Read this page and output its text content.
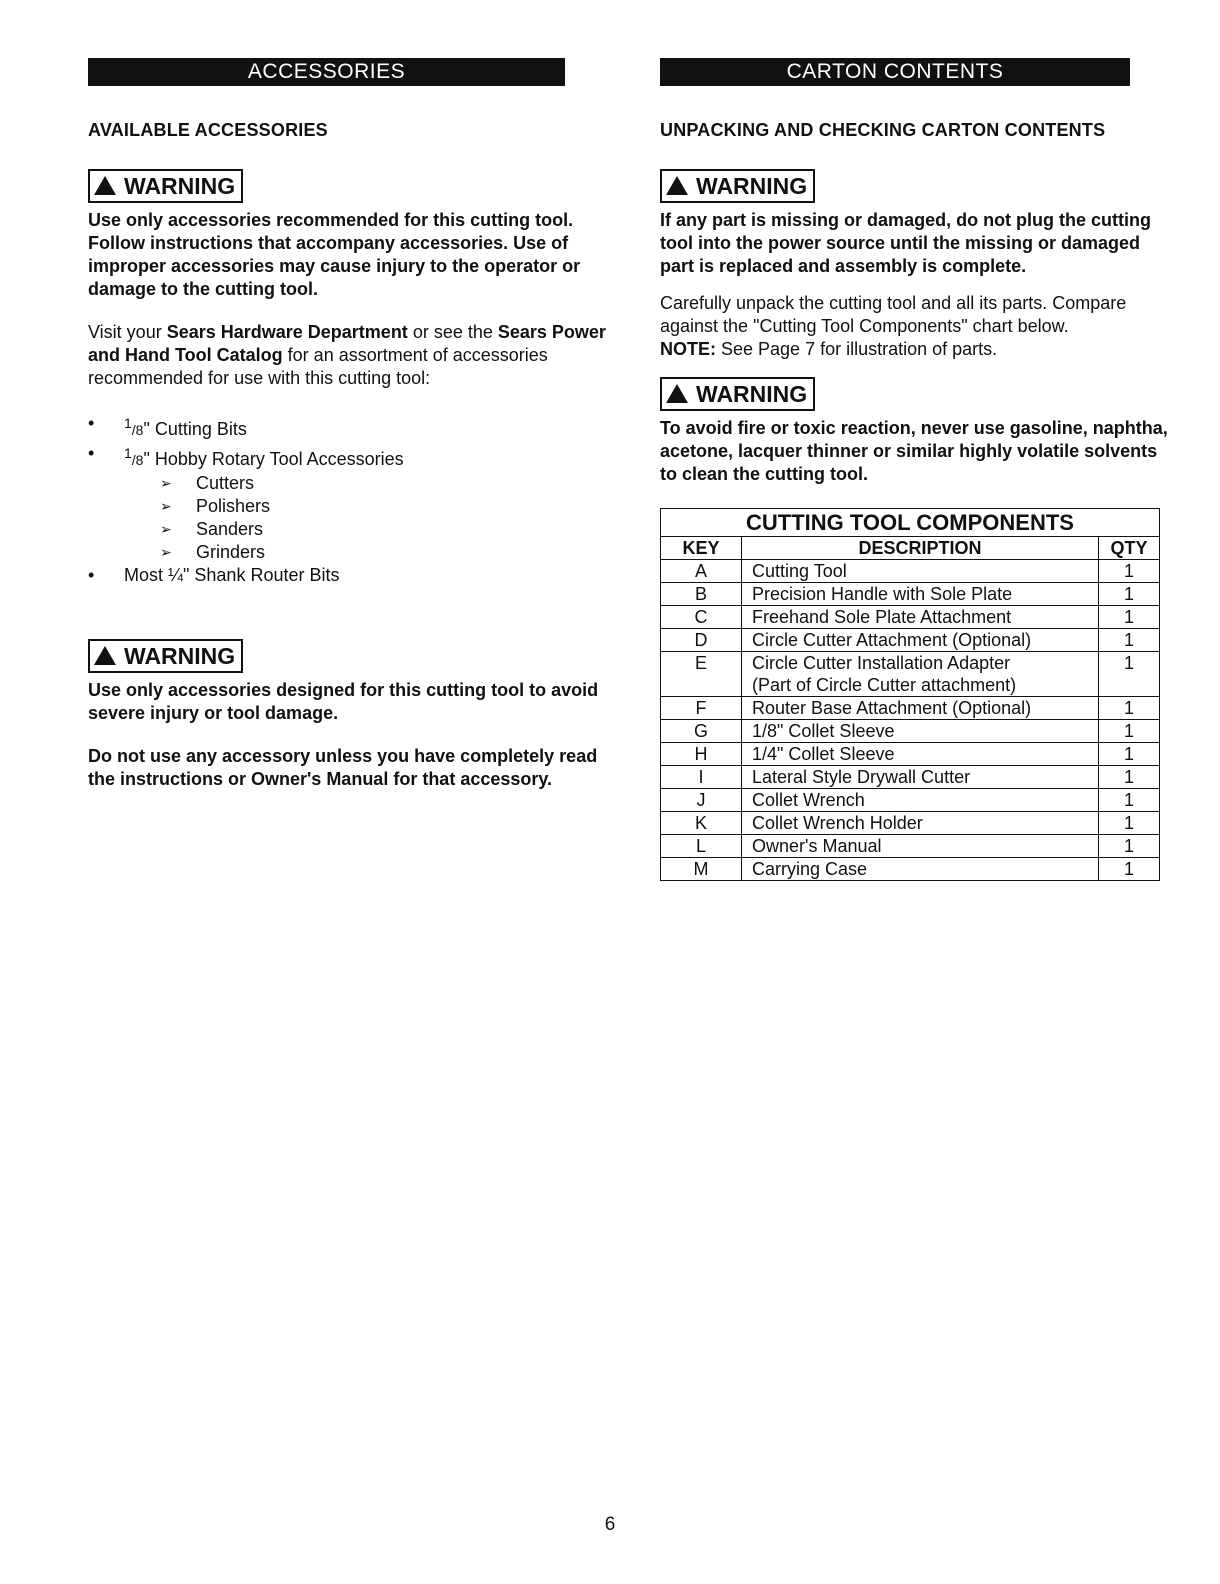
ACCESSORIES
AVAILABLE ACCESSORIES
WARNING
Use only accessories recommended for this cutting tool. Follow instructions that accompany accessories. Use of improper accessories may cause injury to the operator or damage to the cutting tool.
Visit your Sears Hardware Department or see the Sears Power and Hand Tool Catalog for an assortment of accessories recommended for use with this cutting tool:
• $^1$/8" Cutting Bits
• $^1$/8" Hobby Rotary Tool Accessories
➢ Cutters
➢ Polishers
➢ Sanders
➢ Grinders
• Most ¼" Shank Router Bits
WARNING
Use only accessories designed for this cutting tool to avoid severe injury or tool damage.
Do not use any accessory unless you have completely read the instructions or Owner's Manual for that accessory.
CARTON CONTENTS
UNPACKING AND CHECKING CARTON CONTENTS
WARNING
If any part is missing or damaged, do not plug the cutting tool into the power source until the missing or damaged part is replaced and assembly is complete.
Carefully unpack the cutting tool and all its parts. Compare against the "Cutting Tool Components" chart below.
NOTE: See Page 7 for illustration of parts.
WARNING
To avoid fire or toxic reaction, never use gasoline, naphtha, acetone, lacquer thinner or similar highly volatile solvents to clean the cutting tool.
CUTTING TOOL COMPONENTS		
KEY	DESCRIPTION	QTY
A	Cutting Tool	1
B	Precision Handle with Sole Plate	1
C	Freehand Sole Plate Attachment	1
D	Circle Cutter Attachment (Optional)	1
E	Circle Cutter Installation Adapter
(Part of Circle Cutter attachment)	1
F	Router Base Attachment (Optional)	1
G	1/8" Collet Sleeve	1
H	1/4" Collet Sleeve	1
I	Lateral Style Drywall Cutter	1
J	Collet Wrench	1
K	Collet Wrench Holder	1
L	Owner's Manual	1
M	Carrying Case	1
6
